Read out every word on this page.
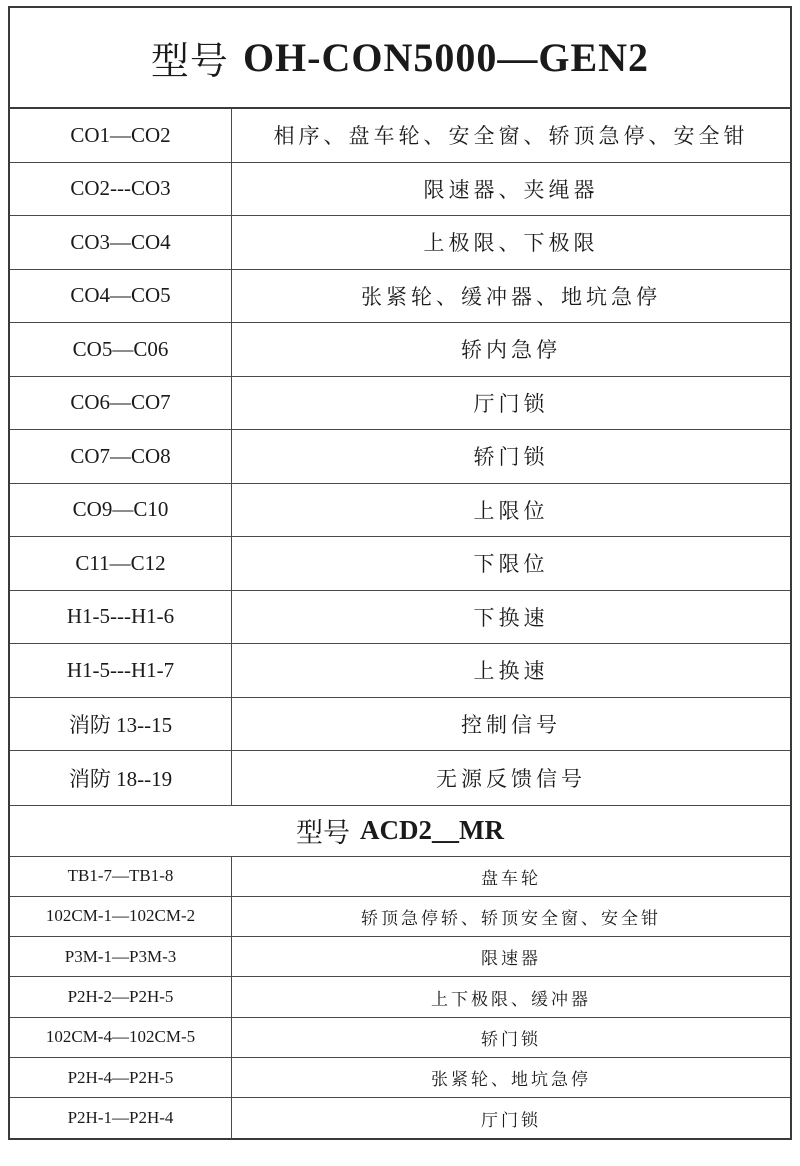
型号 OH-CON5000—GEN2
CO1—CO2	相序、盘车轮、安全窗、轿顶急停、安全钳
CO2---CO3	限速器、夹绳器
CO3—CO4	上极限、下极限
CO4—CO5	张紧轮、缓冲器、地坑急停
CO5—C06	轿内急停
CO6—CO7	厅门锁
CO7—CO8	轿门锁
CO9—C10	上限位
C11—C12	下限位
H1-5---H1-6	下换速
H1-5---H1-7	上换速
消防 13--15	控制信号
消防 18--19	无源反馈信号
型号 ACD2__MR
TB1-7—TB1-8	盘车轮
102CM-1—102CM-2	轿顶急停轿、轿顶安全窗、安全钳
P3M-1—P3M-3	限速器
P2H-2—P2H-5	上下极限、缓冲器
102CM-4—102CM-5	轿门锁
P2H-4—P2H-5	张紧轮、地坑急停
P2H-1—P2H-4	厅门锁
